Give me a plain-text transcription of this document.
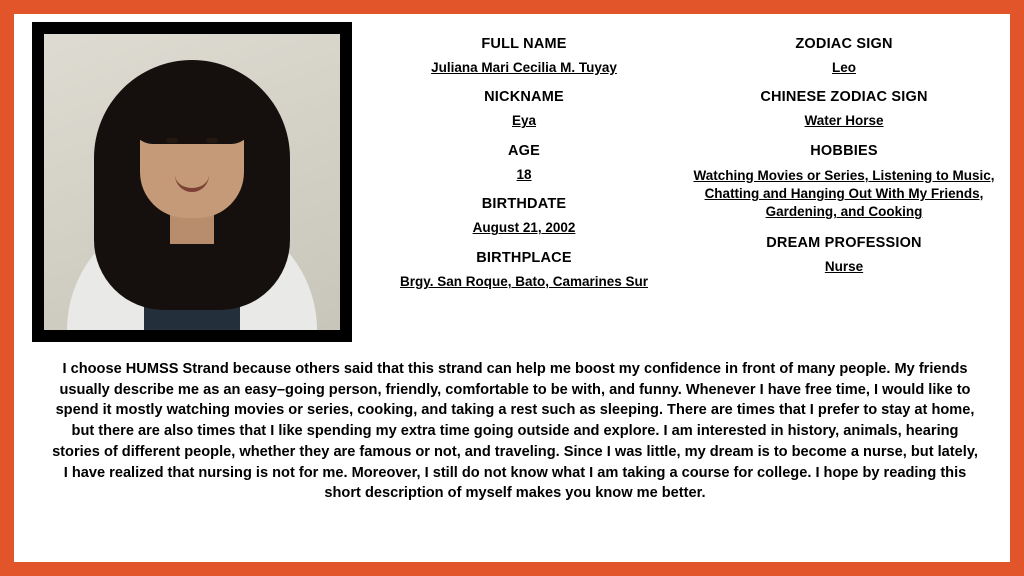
FULL NAME

Juliana Mari Cecilia M. Tuyay

NICKNAME

Eya

AGE

18

BIRTHDATE

August 21, 2002

BIRTHPLACE

Brgy. San Roque, Bato, Camarines Sur

ZODIAC SIGN

Leo

CHINESE ZODIAC SIGN

Water Horse

HOBBIES

Watching Movies or Series, Listening to Music, Chatting and Hanging Out With My Friends, Gardening, and Cooking

DREAM PROFESSION

Nurse

I choose HUMSS Strand because others said that this strand can help me boost my confidence in front of many people. My friends usually describe me as an easy–going person, friendly, comfortable to be with, and funny. Whenever I have free time, I would like to spend it mostly watching movies or series, cooking, and taking a rest such as sleeping. There are times that I prefer to stay at home, but there are also times that I like spending my extra time going outside and explore. I am interested in history, animals, hearing stories of different people, whether they are famous or not, and traveling. Since I was little, my dream is to become a nurse, but lately, I have realized that nursing is not for me. Moreover, I still do not know what I am taking a course for college. I hope by reading this short description of myself makes you know me better.
